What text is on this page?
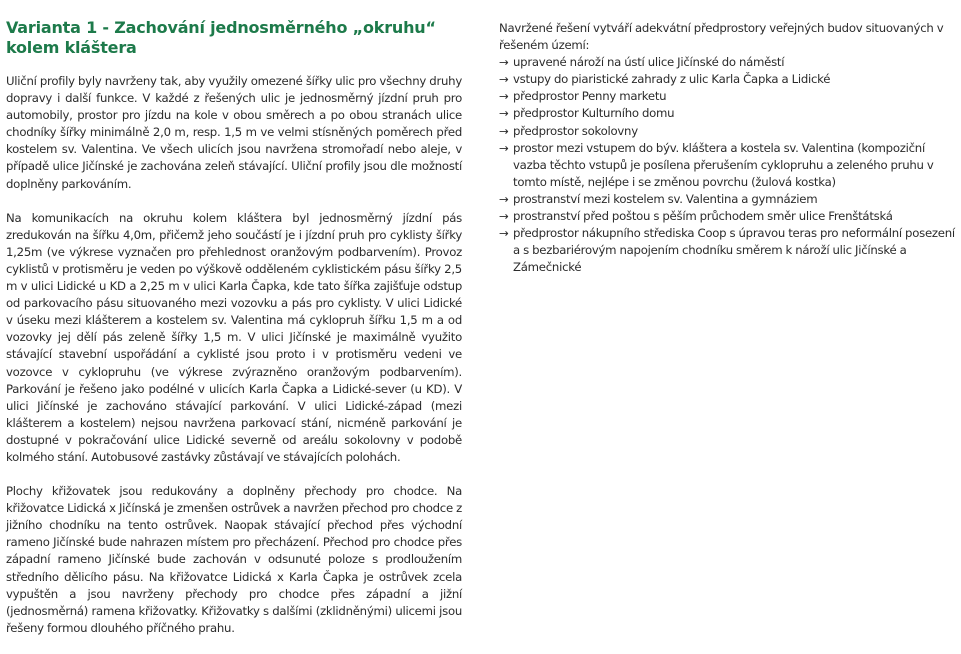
Varianta 1 - Zachování jednosměrného „okruhu“ kolem kláštera

Uliční profily byly navrženy tak, aby využily omezené šířky ulic pro všechny druhy dopravy i další funkce. V každé z řešených ulic je jednosměrný jízdní pruh pro automobily, prostor pro jízdu na kole v obou směrech a po obou stranách ulice chodníky šířky minimálně 2,0 m, resp. 1,5 m ve velmi stísněných poměrech před kostelem sv. Valentina. Ve všech ulicích jsou navržena stromořadí nebo aleje, v případě ulice Jičínské je zachována zeleň stávající. Uliční profily jsou dle možností doplněny parkováním.

Na komunikacích na okruhu kolem kláštera byl jednosměrný jízdní pás zredukován na šířku 4,0m, přičemž jeho součástí je i jízdní pruh pro cyklisty šířky 1,25m (ve výkrese vyznačen pro přehlednost oranžovým podbarvením). Provoz cyklistů v protisměru je veden po výškově odděleném cyklistickém pásu šířky 2,5 m v ulici Lidické u KD a 2,25 m v ulici Karla Čapka, kde tato šířka zajišťuje odstup od parkovacího pásu situovaného mezi vozovku a pás pro cyklisty. V ulici Lidické v úseku mezi klášterem a kostelem sv. Valentina má cyklopruh šířku 1,5 m a od vozovky jej dělí pás zeleně šířky 1,5 m. V ulici Jičínské je maximálně využito stávající stavební uspořádání a cyklisté jsou proto i v protisměru vedeni ve vozovce v cyklopruhu (ve výkrese zvýrazněno oranžovým podbarvením). Parkování je řešeno jako podélné v ulicích Karla Čapka a Lidické-sever (u KD). V ulici Jičínské je zachováno stávající parkování. V ulici Lidické-západ (mezi klášterem a kostelem) nejsou navržena parkovací stání, nicméně parkování je dostupné v pokračování ulice Lidické severně od areálu sokolovny v podobě kolmého stání. Autobusové zastávky zůstávají ve stávajících polohách.

Plochy křižovatek jsou redukovány a doplněny přechody pro chodce. Na křižovatce Lidická x Jičínská je zmenšen ostrůvek a navržen přechod pro chodce z jižního chodníku na tento ostrůvek. Naopak stávající přechod přes východní rameno Jičínské bude nahrazen místem pro přecházení. Přechod pro chodce přes západní rameno Jičínské bude zachován v odsunuté poloze s prodloužením středního dělicího pásu. Na křižovatce Lidická x Karla Čapka je ostrůvek zcela vypuštěn a jsou navrženy přechody pro chodce přes západní a jižní (jednosměrná) ramena křižovatky. Křižovatky s dalšími (zklidněnými) ulicemi jsou řešeny formou dlouhého příčného prahu.

Navržené řešení vytváří adekvátní předprostory veřejných budov situovaných v řešeném území:

→ upravené nároží na ústí ulice Jičínské do náměstí
→ vstupy do piaristické zahrady z ulic Karla Čapka a Lidické
→ předprostor Penny marketu
→ předprostor Kulturního domu
→ předprostor sokolovny
→ prostor mezi vstupem do býv. kláštera a kostela sv. Valentina (kompoziční vazba těchto vstupů je posílena přerušením cyklopruhu a zeleného pruhu v tomto místě, nejlépe i se změnou povrchu (žulová kostka)
→ prostranství mezi kostelem sv. Valentina a gymnáziem
→ prostranství před poštou s pěším průchodem směr ulice Frenštátská
→ předprostor nákupního střediska Coop s úpravou teras pro neformální posezení a s bezbariérovým napojením chodníku směrem k nároží ulic Jičínské a Zámečnické
